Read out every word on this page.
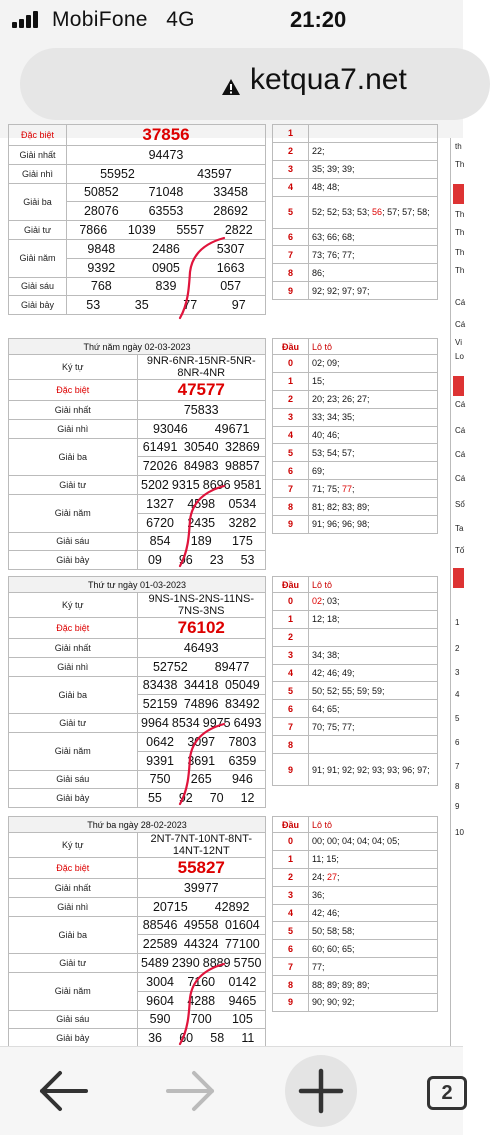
MobiFone 4G	21:20
ketqua7.net
Đặc biệt	37856
Giải nhất	94473
Giải nhì	55952 43597

Giải ba	50852 71048 33458

	28076 63553 28692

Giải tư	7866 1039 5557 2822

Giải năm	9848 2486 5307

	9392 0905 1663

Giải sáu	768 839 057

Giải bảy	53 35 77 97
1	
2	22;
3	35; 39; 39;
4	48; 48;
5	52; 52; 53; 53; 56; 57; 57; 58;
6	63; 66; 68;
7	73; 76; 77;
8	86;
9	92; 92; 97; 97;
Thứ năm ngày 02-03-2023	
Ký tự	9NR-6NR-15NR-5NR-8NR-4NR
Đặc biệt	47577
Giải nhất	75833
Giải nhì	93046 49671

Giải ba	61491 30540 32869

	72026 84983 98857

Giải tư	5202 9315 8696 9581

Giải năm	1327 4598 0534

	6720 2435 3282

Giải sáu	854 189 175

Giải bảy	09 96 23 53
Đầu	Lô tô
0	02; 09;
1	15;
2	20; 23; 26; 27;
3	33; 34; 35;
4	40; 46;
5	53; 54; 57;
6	69;
7	71; 75; 77;
8	81; 82; 83; 89;
9	91; 96; 96; 98;
Thứ tư ngày 01-03-2023	
Ký tự	9NS-1NS-2NS-11NS-7NS-3NS
Đặc biệt	76102
Giải nhất	46493
Giải nhì	52752 89477

Giải ba	83438 34418 05049

	52159 74896 83492

Giải tư	9964 8534 9975 6493

Giải năm	0642 3097 7803

	9391 3691 6359

Giải sáu	750 265 946

Giải bảy	55 92 70 12
Đầu	Lô tô
0	02; 03;
1	12; 18;
2	
3	34; 38;
4	42; 46; 49;
5	50; 52; 55; 59; 59;
6	64; 65;
7	70; 75; 77;
8	
9	91; 91; 92; 92; 93; 93; 96; 97;
Thứ ba ngày 28-02-2023	
Ký tự	2NT-7NT-10NT-8NT-14NT-12NT
Đặc biệt	55827
Giải nhất	39977
Giải nhì	20715 42892

Giải ba	88546 49558 01604

	22589 44324 77100

Giải tư	5489 2390 8889 5750

Giải năm	3004 7160 0142

	9604 4288 9465

Giải sáu	590 700 105

Giải bảy	36 60 58 11
Đầu	Lô tô
0	00; 00; 04; 04; 04; 05;
1	11; 15;
2	24; 27;
3	36;
4	42; 46;
5	50; 58; 58;
6	60; 60; 65;
7	77;
8	88; 89; 89; 89;
9	90; 90; 92;
th
Th
Th
Th
Th
Th
Cá
Cá
Vi
Lo
Cá
Cá
Cá
Cá
Sổ
Ta
Tố
1
2
3
4
5
6
7
8
9
10
2
